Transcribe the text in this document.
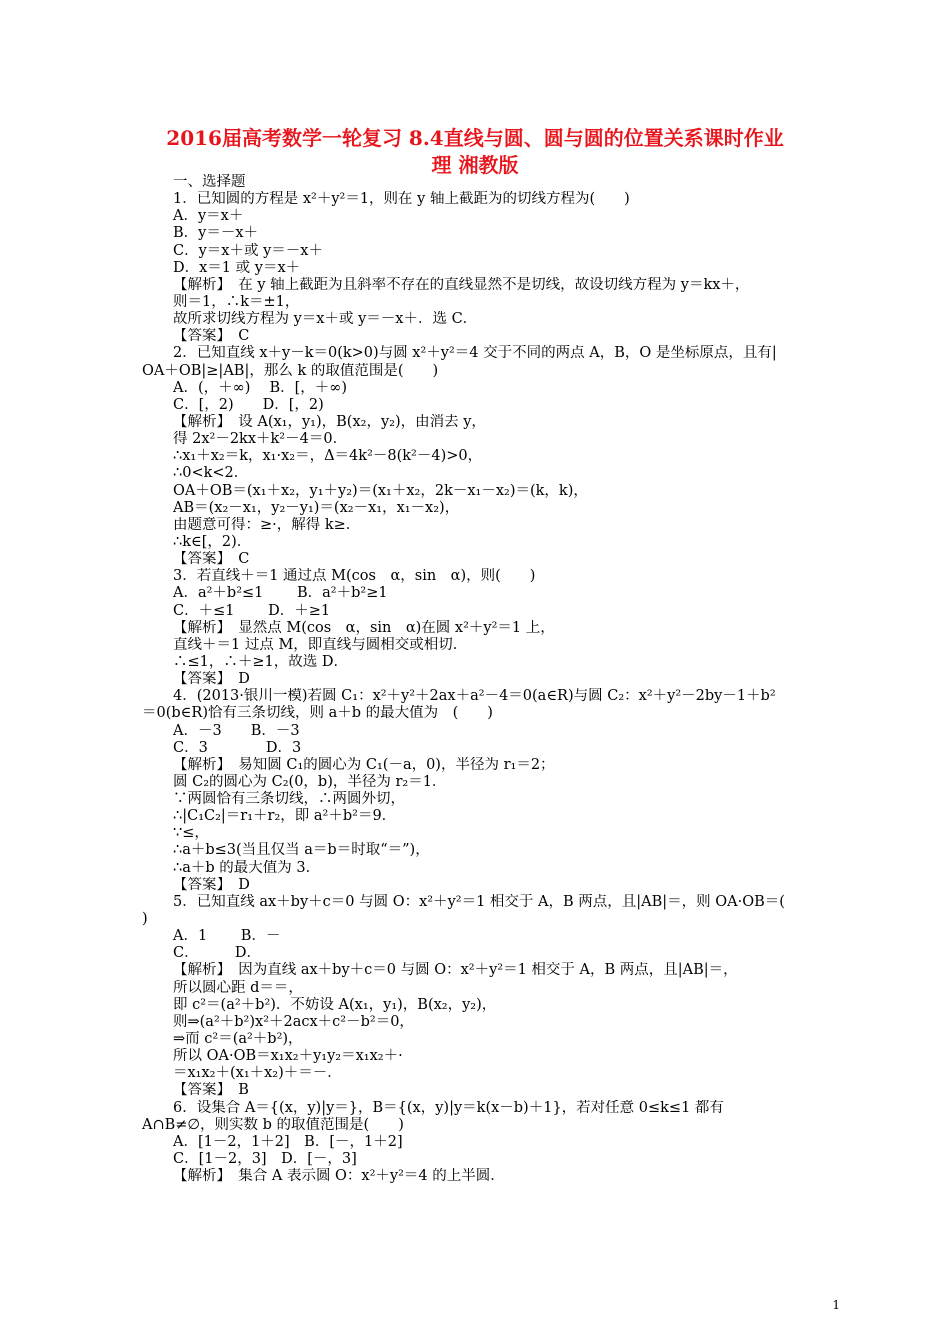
2016届高考数学一轮复习 8.4直线与圆、圆与圆的位置关系课时作业
理 湘教版
一、选择题
1．已知圆的方程是 x²＋y²＝1，则在 y 轴上截距为的切线方程为(　　)
A．y＝x＋
B．y＝－x＋
C．y＝x＋或 y＝－x＋
D．x＝1 或 y＝x＋
【解析】　在 y 轴上截距为且斜率不存在的直线显然不是切线，故设切线方程为 y＝kx＋，
则＝1，∴k＝±1，
故所求切线方程为 y＝x＋或 y＝－x＋．选 C．
【答案】　C
2．已知直线 x＋y－k＝0(k>0)与圆 x²＋y²＝4 交于不同的两点 A，B，O 是坐标原点，且有|
OA＋OB|≥|AB|，那么 k 的取值范围是(　　)
A．(，＋∞)　 B．[，＋∞)
C．[，2)　　D．[，2)
【解析】　设 A(x₁，y₁)，B(x₂，y₂)，由消去 y，
得 2x²－2kx＋k²－4＝0．
∴x₁＋x₂＝k，x₁·x₂＝，Δ＝4k²－8(k²－4)>0，
∴0<k<2．
OA＋OB＝(x₁＋x₂，y₁＋y₂)＝(x₁＋x₂，2k－x₁－x₂)＝(k，k)，
AB＝(x₂－x₁，y₂－y₁)＝(x₂－x₁，x₁－x₂)，
由题意可得：≥·，解得 k≥．
∴k∈[，2)．
【答案】　C
3．若直线＋＝1 通过点 M(cos　α，sin　α)，则(　　)
A．a²＋b²≤1　　 B．a²＋b²≥1
C．＋≤1　　 D．＋≥1
【解析】　显然点 M(cos　α，sin　α)在圆 x²＋y²＝1 上，
直线＋＝1 过点 M，即直线与圆相交或相切．
∴≤1，∴＋≥1，故选 D．
【答案】　D
4．(2013·银川一模)若圆 C₁：x²＋y²＋2ax＋a²－4＝0(a∈R)与圆 C₂：x²＋y²－2by－1＋b²
＝0(b∈R)恰有三条切线，则 a＋b 的最大值为　(　　)
A．－3　　B．－3
C．3　　　　D．3
【解析】　易知圆 C₁的圆心为 C₁(－a，0)，半径为 r₁＝2；
圆 C₂的圆心为 C₂(0，b)，半径为 r₂＝1．
∵两圆恰有三条切线，∴两圆外切，
∴|C₁C₂|＝r₁＋r₂，即 a²＋b²＝9．
∵≤，
∴a＋b≤3(当且仅当 a＝b＝时取“＝”)，
∴a＋b 的最大值为 3．
【答案】　D
5．已知直线 ax＋by＋c＝0 与圆 O：x²＋y²＝1 相交于 A，B 两点，且|AB|＝，则 OA·OB＝(
)
A．1　　 B．－
C．　　　D．
【解析】　因为直线 ax＋by＋c＝0 与圆 O：x²＋y²＝1 相交于 A，B 两点，且|AB|＝，
所以圆心距 d＝＝，
即 c²＝(a²＋b²)．不妨设 A(x₁，y₁)，B(x₂，y₂)，
则⇒(a²＋b²)x²＋2acx＋c²－b²＝0，
⇒而 c²＝(a²＋b²)，
所以 OA·OB＝x₁x₂＋y₁y₂＝x₁x₂＋·
＝x₁x₂＋(x₁＋x₂)＋＝－．
【答案】　B
6．设集合 A＝{(x，y)|y＝}，B＝{(x，y)|y＝k(x－b)＋1}，若对任意 0≤k≤1 都有
A∩B≠∅，则实数 b 的取值范围是(　　)
A．[1－2，1＋2]　B．[－，1＋2]
C．[1－2，3]　D．[－，3]
【解析】　集合 A 表示圆 O：x²＋y²＝4 的上半圆．
1
